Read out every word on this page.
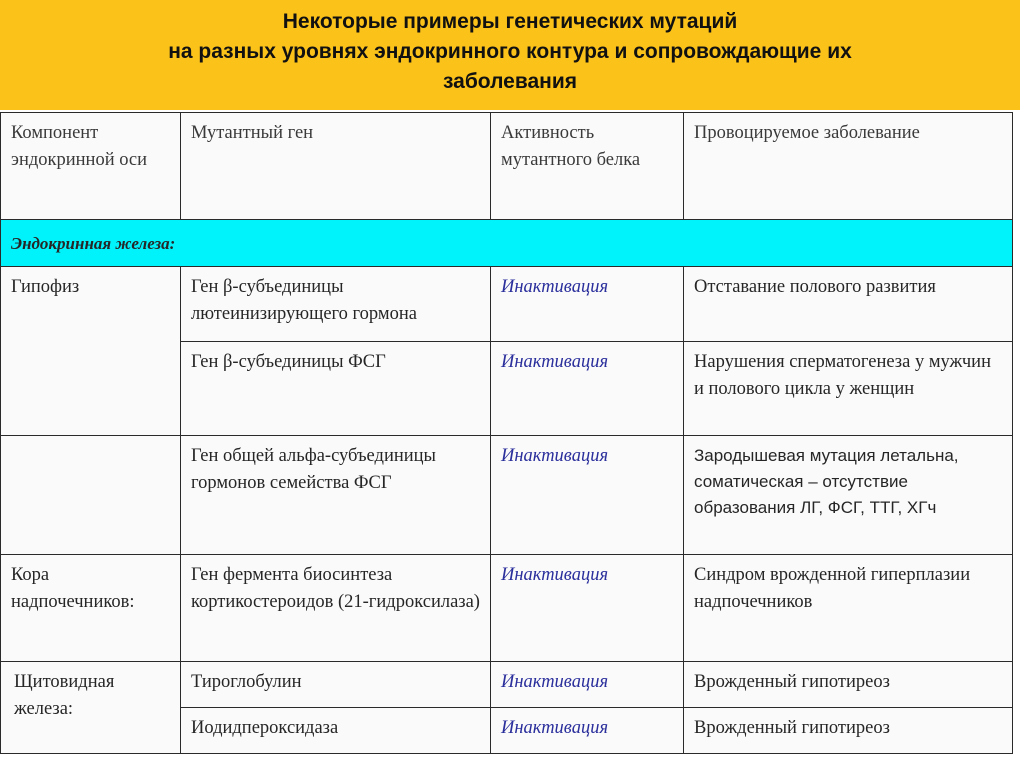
Некоторые примеры генетических мутаций
на разных уровнях эндокринного контура и сопровождающие их
заболевания
Компонент эндокринной оси	Мутантный ген	Активность мутантного белка	Провоцируемое заболевание
Эндокринная железа:			
Гипофиз	Ген β-субъединицы лютеинизирующего гормона	Инактивация	Отставание полового развития
	Ген β-субъединицы ФСГ	Инактивация	Нарушения сперматогенеза у мужчин и полового цикла у женщин
	Ген общей альфа-субъединицы гормонов семейства ФСГ	Инактивация	Зародышевая мутация летальна, соматическая – отсутствие образования ЛГ, ФСГ, ТТГ, ХГч
Кора надпочечников:	Ген фермента биосинтеза кортикостероидов (21-гидроксилаза)	Инактивация	Синдром врожденной гиперплазии надпочечников
Щитовидная железа:	Тироглобулин	Инактивация	Врожденный гипотиреоз
	Иодидпероксидаза	Инактивация	Врожденный гипотиреоз
